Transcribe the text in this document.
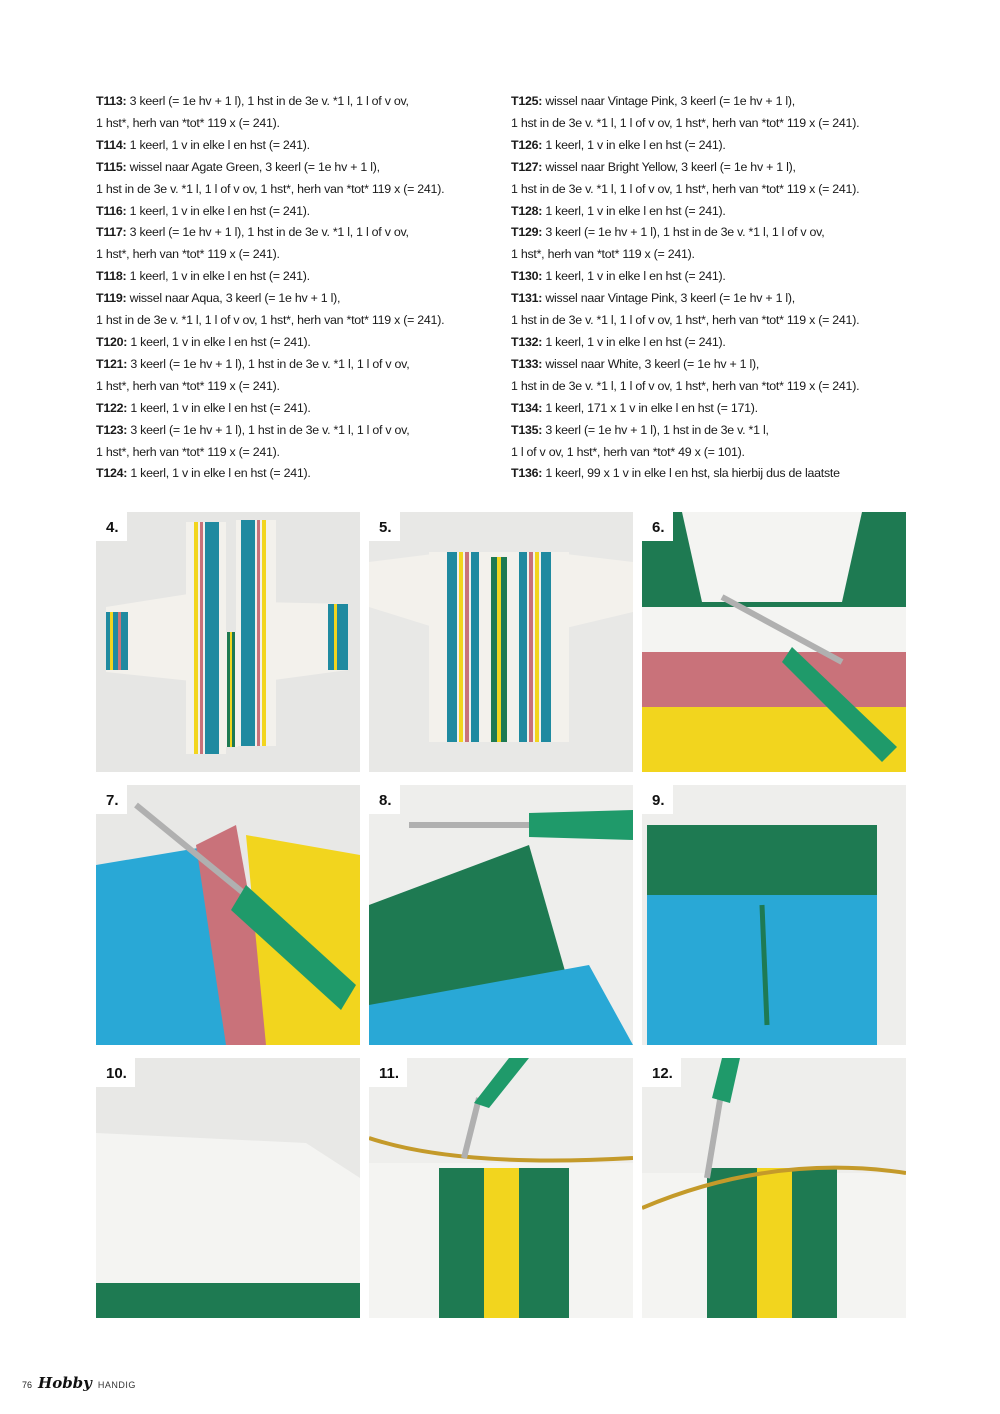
T113: 3 keerl (= 1e hv + 1 l), 1 hst in de 3e v. *1 l, 1 l of v ov,
1 hst*, herh van *tot* 119 x (= 241).
T114: 1 keerl, 1 v in elke l en hst (= 241).
T115: wissel naar Agate Green, 3 keerl (= 1e hv + 1 l),
1 hst in de 3e v. *1 l, 1 l of v ov, 1 hst*, herh van *tot* 119 x (= 241).
T116: 1 keerl, 1 v in elke l en hst (= 241).
T117: 3 keerl (= 1e hv + 1 l), 1 hst in de 3e v. *1 l, 1 l of v ov,
1 hst*, herh van *tot* 119 x (= 241).
T118: 1 keerl, 1 v in elke l en hst (= 241).
T119: wissel naar Aqua, 3 keerl (= 1e hv + 1 l),
1 hst in de 3e v. *1 l, 1 l of v ov, 1 hst*, herh van *tot* 119 x (= 241).
T120: 1 keerl, 1 v in elke l en hst (= 241).
T121: 3 keerl (= 1e hv + 1 l), 1 hst in de 3e v. *1 l, 1 l of v ov,
1 hst*, herh van *tot* 119 x (= 241).
T122: 1 keerl, 1 v in elke l en hst (= 241).
T123: 3 keerl (= 1e hv + 1 l), 1 hst in de 3e v. *1 l, 1 l of v ov,
1 hst*, herh van *tot* 119 x (= 241).
T124: 1 keerl, 1 v in elke l en hst (= 241).
T125: wissel naar Vintage Pink, 3 keerl (= 1e hv + 1 l),
1 hst in de 3e v. *1 l, 1 l of v ov, 1 hst*, herh van *tot* 119 x (= 241).
T126: 1 keerl, 1 v in elke l en hst (= 241).
T127: wissel naar Bright Yellow, 3 keerl (= 1e hv + 1 l),
1 hst in de 3e v. *1 l, 1 l of v ov, 1 hst*, herh van *tot* 119 x (= 241).
T128: 1 keerl, 1 v in elke l en hst (= 241).
T129: 3 keerl (= 1e hv + 1 l), 1 hst in de 3e v. *1 l, 1 l of v ov,
1 hst*, herh van *tot* 119 x (= 241).
T130: 1 keerl, 1 v in elke l en hst (= 241).
T131: wissel naar Vintage Pink, 3 keerl (= 1e hv + 1 l),
1 hst in de 3e v. *1 l, 1 l of v ov, 1 hst*, herh van *tot* 119 x (= 241).
T132: 1 keerl, 1 v in elke l en hst (= 241).
T133: wissel naar White, 3 keerl (= 1e hv + 1 l),
1 hst in de 3e v. *1 l, 1 l of v ov, 1 hst*, herh van *tot* 119 x (= 241).
T134: 1 keerl, 171 x 1 v in elke l en hst (= 171).
T135: 3 keerl (= 1e hv + 1 l), 1 hst in de 3e v. *1 l,
1 l of v ov, 1 hst*, herh van *tot* 49 x (= 101).
T136: 1 keerl, 99 x 1 v in elke l en hst, sla hierbij dus de laatste
4.	5.	6.
7.	8.	9.
10.	11.	12.
76 Hobby HANDIG
